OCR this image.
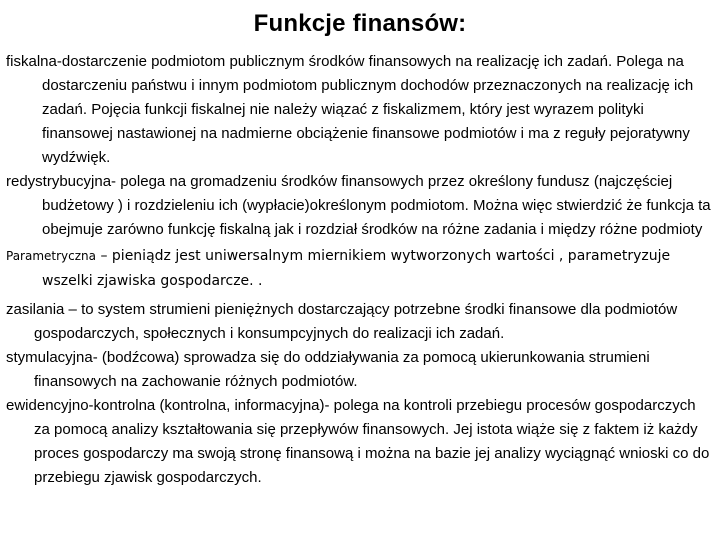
Funkcje finansów:

fiskalna-dostarczenie podmiotom publicznym środków finansowych na realizację ich zadań. Polega na dostarczeniu państwu i innym podmiotom publicznym dochodów przeznaczonych na realizację ich zadań. Pojęcia funkcji fiskalnej nie należy wiązać z fiskalizmem, który jest wyrazem polityki finansowej nastawionej na nadmierne obciążenie finansowe podmiotów i ma z reguły pejoratywny wydźwięk.

redystrybucyjna- polega na gromadzeniu środków finansowych przez określony fundusz (najczęściej budżetowy ) i rozdzieleniu ich (wypłacie)określonym podmiotom. Można więc stwierdzić że funkcja ta obejmuje zarówno funkcję fiskalną jak i rozdział środków na różne zadania i między różne podmioty

Parametryczna – pieniądz jest uniwersalnym miernikiem wytworzonych wartości , parametryzuje wszelki zjawiska gospodarcze. .

zasilania – to system strumieni pieniężnych dostarczający potrzebne środki finansowe dla podmiotów gospodarczych, społecznych i konsumpcyjnych do realizacji ich zadań.

stymulacyjna- (bodźcowa) sprowadza się do oddziaływania za pomocą ukierunkowania strumieni finansowych na zachowanie różnych podmiotów.

ewidencyjno-kontrolna (kontrolna, informacyjna)- polega na kontroli przebiegu procesów gospodarczych za pomocą analizy kształtowania się przepływów finansowych. Jej istota wiąże się z faktem iż każdy proces gospodarczy ma swoją stronę finansową i można na bazie jej analizy wyciągnąć wnioski co do przebiegu zjawisk gospodarczych.
